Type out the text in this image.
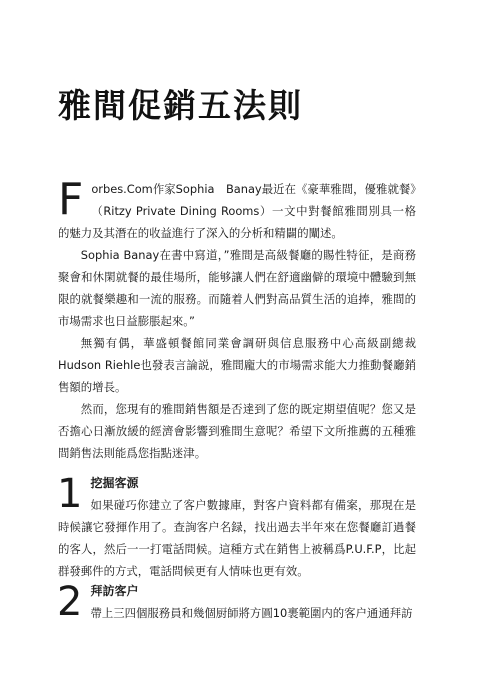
雅間促銷五法則
Forbes.Com作家Sophia　Banay最近在《豪華雅間，優雅就餐》（Ritzy Private Dining Rooms）一文中對餐館雅間別具一格的魅力及其潛在的收益進行了深入的分析和精闢的闡述。
Sophia Banay在書中寫道，”雅間是高級餐廳的賜性特征，是商務聚會和休閑就餐的最佳場所，能够讓人們在舒適幽僻的環境中體驗到無限的就餐樂趣和一流的服務。而隨着人們對高品質生活的追捧，雅間的市場需求也日益膨脹起來。”
無獨有偶，華盛頓餐館同業會調研與信息服務中心高級副總裁Hudson Riehle也發表言論説，雅間龐大的市場需求能大力推動餐廳銷售額的增長。
然而，您現有的雅間銷售額是否達到了您的既定期望值呢？您又是否擔心日漸放緩的經濟會影響到雅間生意呢？希望下文所推薦的五種雅間銷售法則能爲您指點迷津。
1 挖掘客源
如果碰巧你建立了客户數據庫，對客户資料都有備案，那現在是時候讓它發揮作用了。查詢客户名録，找出過去半年來在您餐廳訂過餐的客人，然后一一打電話問候。這種方式在銷售上被稱爲P.U.F.P，比起群發郵件的方式，電話問候更有人情味也更有效。
2 拜訪客户
帶上三四個服務員和幾個厨師將方圓10裹範圍内的客户通通拜訪
